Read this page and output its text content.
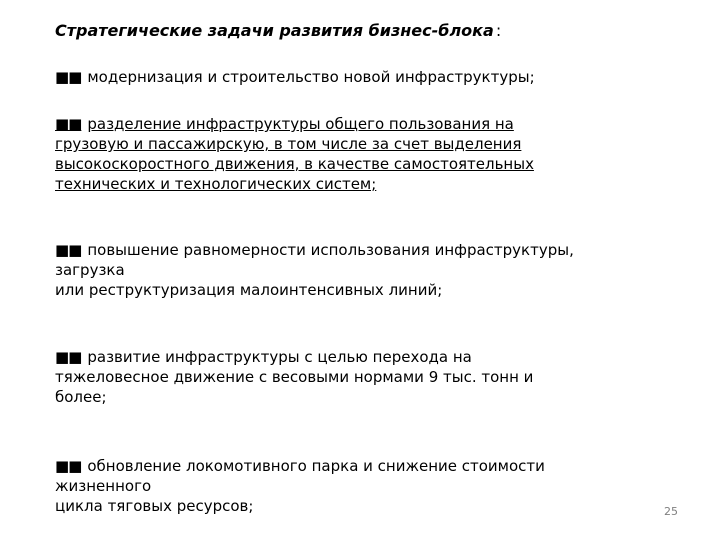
Стратегические задачи развития бизнес-блока :
■■ модернизация и строительство новой инфраструктуры;
■■ разделение инфраструктуры общего пользования на
грузовую и пассажирскую, в том числе за счет выделения
высокоскоростного движения, в качестве самостоятельных
технических и технологических систем;
■■ повышение равномерности использования инфраструктуры,
загрузка
или реструктуризация малоинтенсивных линий;
■■ развитие инфраструктуры с целью перехода на
тяжеловесное движение с весовыми нормами 9 тыс. тонн и
более;
■■ обновление локомотивного парка и снижение стоимости
жизненного
цикла тяговых ресурсов;	25
